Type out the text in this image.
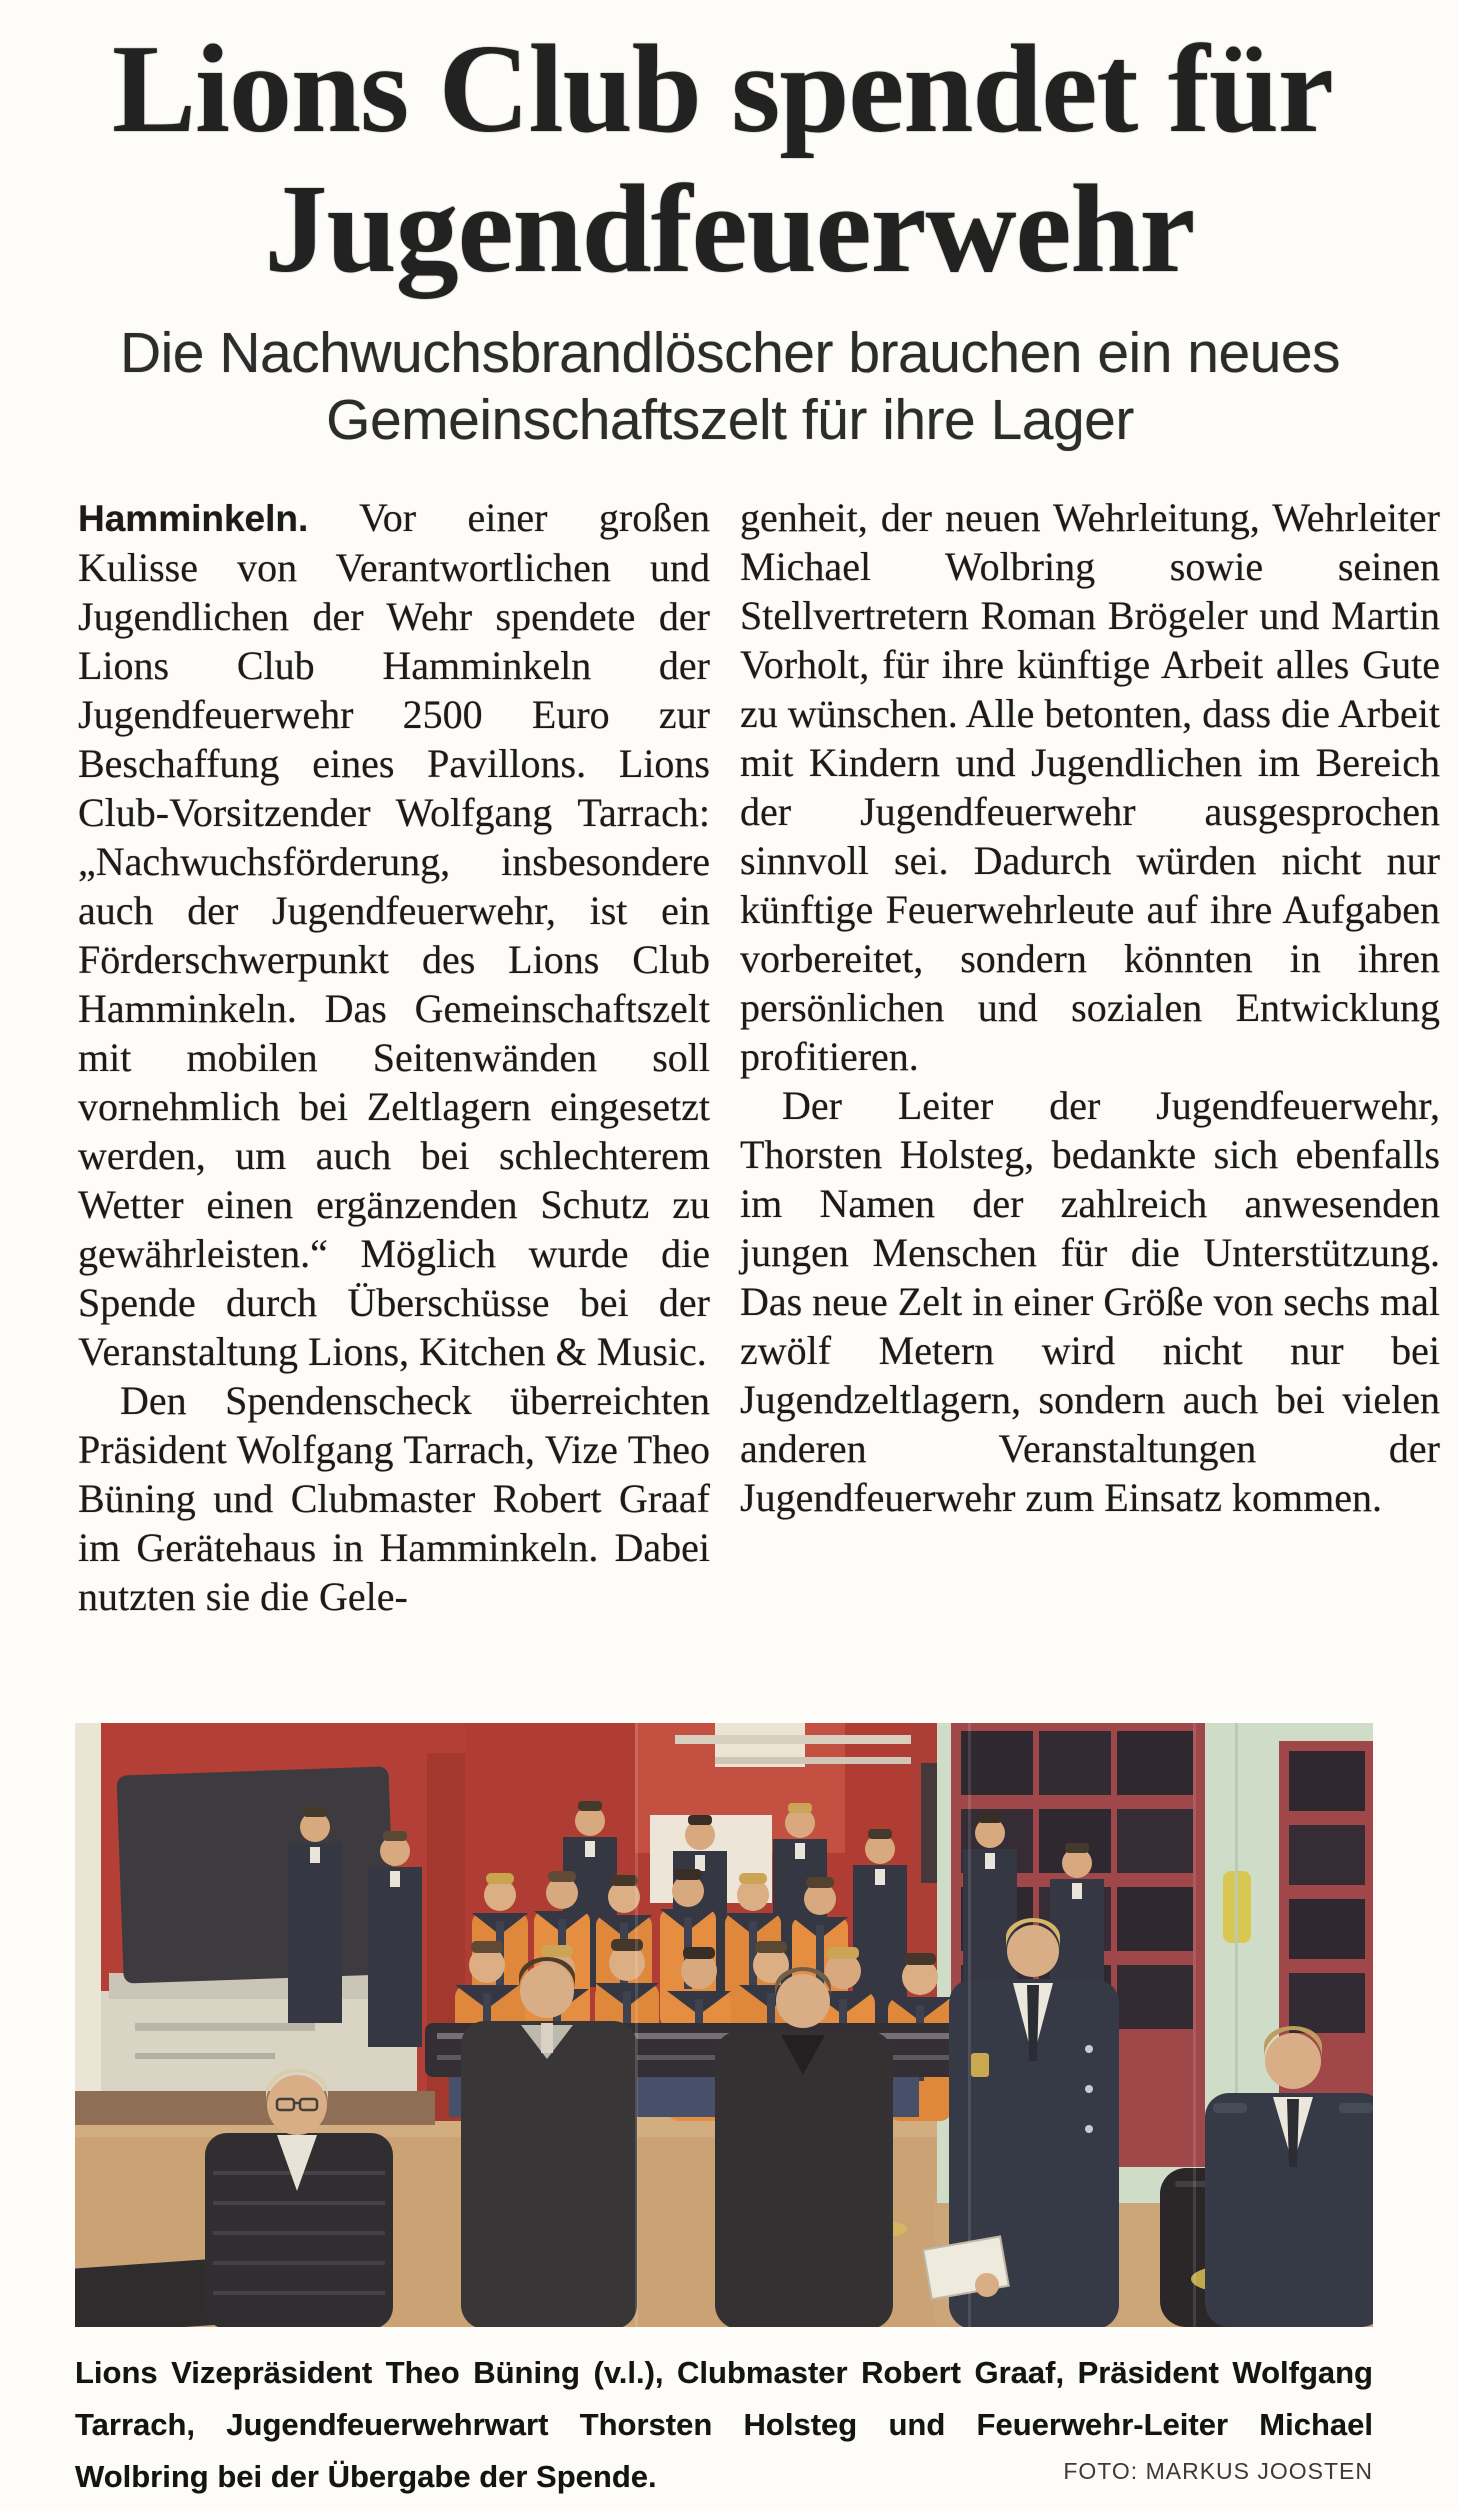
Lions Club spendet für
Jugendfeuerwehr
Die Nachwuchsbrandlöscher brauchen ein neues Gemeinschaftszelt für ihre Lager

Hamminkeln. Vor einer großen Kulisse von Verantwortlichen und Jugendlichen der Wehr spendete der Lions Club Hamminkeln der Jugendfeuerwehr 2500 Euro zur Beschaffung eines Pavillons. Lions Club-Vorsitzender Wolfgang Tarrach: „Nachwuchsförderung, insbesondere auch der Jugendfeuerwehr, ist ein Förderschwerpunkt des Lions Club Hamminkeln. Das Gemeinschaftszelt mit mobilen Seitenwänden soll vornehmlich bei Zeltlagern eingesetzt werden, um auch bei schlechterem Wetter einen ergänzenden Schutz zu gewährleisten.“ Möglich wurde die Spende durch Überschüsse bei der Veranstaltung Lions, Kitchen & Music.

Den Spendenscheck überreichten Präsident Wolfgang Tarrach, Vize Theo Büning und Clubmaster Robert Graaf im Gerätehaus in Hamminkeln. Dabei nutzten sie die Gele-

genheit, der neuen Wehrleitung, Wehrleiter Michael Wolbring sowie seinen Stellvertretern Roman Brögeler und Martin Vorholt, für ihre künftige Arbeit alles Gute zu wünschen. Alle betonten, dass die Arbeit mit Kindern und Jugendlichen im Bereich der Jugendfeuerwehr ausgesprochen sinnvoll sei. Dadurch würden nicht nur künftige Feuerwehrleute auf ihre Aufgaben vorbereitet, sondern könnten in ihren persönlichen und sozialen Entwicklung profitieren.

Der Leiter der Jugendfeuerwehr, Thorsten Holsteg, bedankte sich ebenfalls im Namen der zahlreich anwesenden jungen Menschen für die Unterstützung. Das neue Zelt in einer Größe von sechs mal zwölf Metern wird nicht nur bei Jugendzeltlagern, sondern auch bei vielen anderen Veranstaltungen der Jugendfeuerwehr zum Einsatz kommen.

Lions Vizepräsident Theo Büning (v.l.), Clubmaster Robert Graaf, Präsident Wolfgang Tarrach, Jugendfeuerwehrwart Thorsten Holsteg und Feuerwehr-Leiter Michael Wolbring bei der Übergabe der Spende.	FOTO: MARKUS JOOSTEN
